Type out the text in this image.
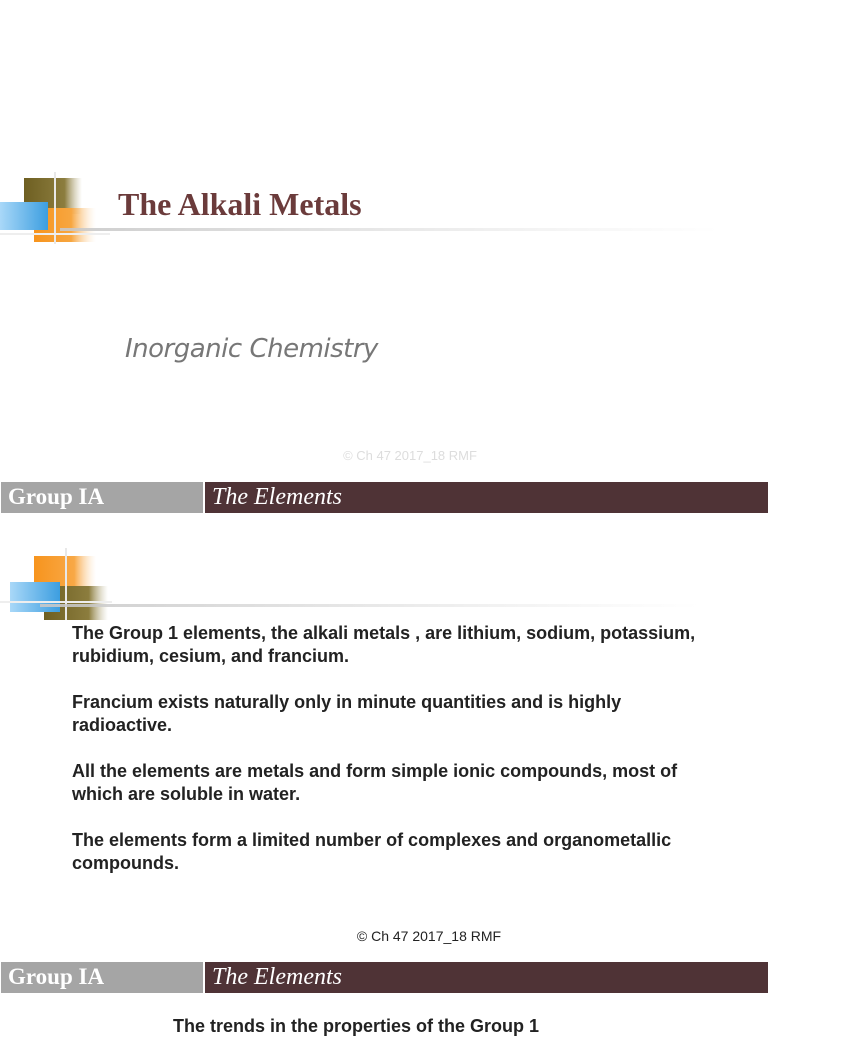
The Alkali Metals
Inorganic Chemistry
© Ch 47 2017_18 RMF
Group IA	The Elements

The Group 1 elements, the alkali metals , are lithium, sodium, potassium, rubidium, cesium, and francium.

Francium exists naturally only in minute quantities and is highly radioactive.

All the elements are metals and form simple ionic compounds, most of which are soluble in water.

The elements form a limited number of complexes and organometallic compounds.

© Ch 47 2017_18 RMF
Group IA	The Elements
The trends in the properties of the Group 1
